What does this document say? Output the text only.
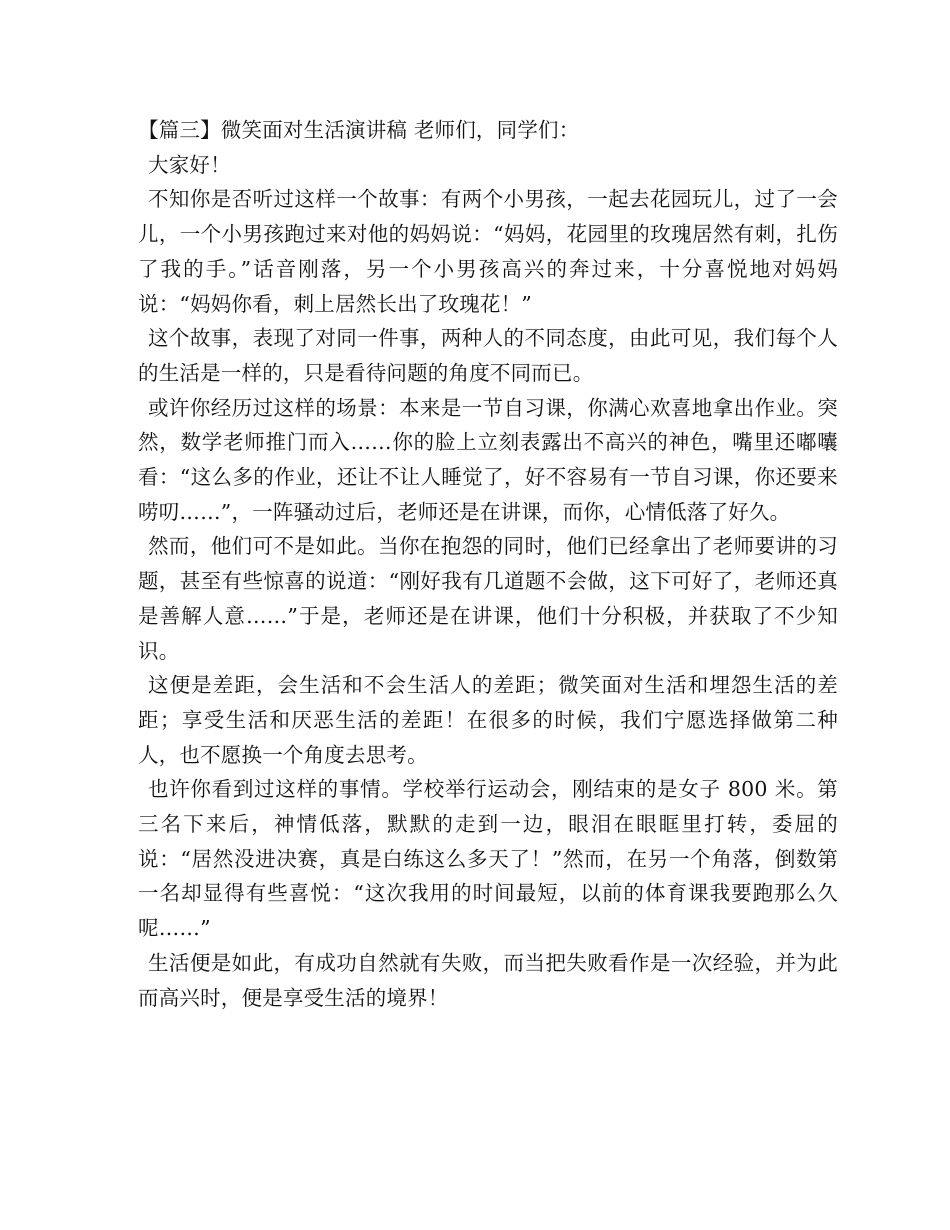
【篇三】微笑面对生活演讲稿 老师们，同学们：

大家好！

不知你是否听过这样一个故事：有两个小男孩，一起去花园玩儿，过了一会儿，一个小男孩跑过来对他的妈妈说：“妈妈，花园里的玫瑰居然有刺，扎伤了我的手。”话音刚落，另一个小男孩高兴的奔过来，十分喜悦地对妈妈说：“妈妈你看，刺上居然长出了玫瑰花！”

这个故事，表现了对同一件事，两种人的不同态度，由此可见，我们每个人的生活是一样的，只是看待问题的角度不同而已。

或许你经历过这样的场景：本来是一节自习课，你满心欢喜地拿出作业。突然，数学老师推门而入……你的脸上立刻表露出不高兴的神色，嘴里还嘟囔看：“这么多的作业，还让不让人睡觉了，好不容易有一节自习课，你还要来唠叨……”，一阵骚动过后，老师还是在讲课，而你，心情低落了好久。

然而，他们可不是如此。当你在抱怨的同时，他们已经拿出了老师要讲的习题，甚至有些惊喜的说道：“刚好我有几道题不会做，这下可好了，老师还真是善解人意……”于是，老师还是在讲课，他们十分积极，并获取了不少知识。

这便是差距，会生活和不会生活人的差距；微笑面对生活和埋怨生活的差距；享受生活和厌恶生活的差距！在很多的时候，我们宁愿选择做第二种人，也不愿换一个角度去思考。

也许你看到过这样的事情。学校举行运动会，刚结束的是女子 800 米。第三名下来后，神情低落，默默的走到一边，眼泪在眼眶里打转，委屈的说：“居然没进决赛，真是白练这么多天了！”然而，在另一个角落，倒数第一名却显得有些喜悦：“这次我用的时间最短，以前的体育课我要跑那么久呢……”

生活便是如此，有成功自然就有失败，而当把失败看作是一次经验，并为此而高兴时，便是享受生活的境界！
